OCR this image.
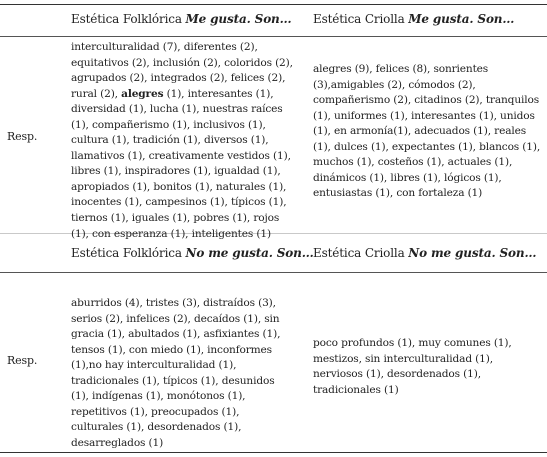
Estética Folklórica Me gusta. Son… Estética Criolla Me gusta. Son…
Resp.
interculturalidad (7), diferentes (2), equitativos (2), inclusión (2), coloridos (2), agrupados (2), integrados (2), felices (2), rural (2), alegres (1), interesantes (1), diversidad (1), lucha (1), nuestras raíces (1), compañerismo (1), inclusivos (1), cultura (1), tradición (1), diversos (1), llamativos (1), creativamente vestidos (1), libres (1), inspiradores (1), igualdad (1), apropiados (1), bonitos (1), naturales (1), inocentes (1), campesinos (1), típicos (1), tiernos (1), iguales (1), pobres (1), rojos (1), con esperanza (1), inteligentes (1)
alegres (9), felices (8), sonrientes (3),amigables (2), cómodos (2), compañerismo (2), citadinos (2), tranquilos (1), uniformes (1), interesantes (1), unidos (1), en armonía(1), adecuados (1), reales (1), dulces (1), expectantes (1), blancos (1), muchos (1), costeños (1), actuales (1), dinámicos (1), libres (1), lógicos (1), entusiastas (1), con fortaleza (1)
Estética Folklórica No me gusta. Son… Estética Criolla No me gusta. Son…
Resp.
aburridos (4), tristes (3), distraídos (3), serios (2), infelices (2), decaídos (1), sin gracia (1), abultados (1), asfixiantes (1), tensos (1), con miedo (1), inconformes (1),no hay interculturalidad (1), tradicionales (1), típicos (1), desunidos (1), indígenas (1), monótonos (1), repetitivos (1), preocupados (1), culturales (1), desordenados (1), desarreglados (1)
poco profundos (1), muy comunes (1), mestizos, sin interculturalidad (1), nerviosos (1), desordenados (1), tradicionales (1)
